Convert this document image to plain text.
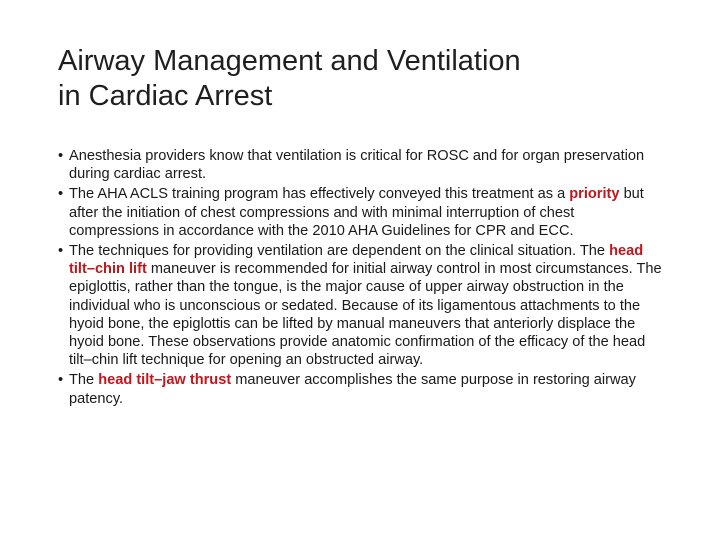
Airway Management and Ventilation
in Cardiac Arrest
• Anesthesia providers know that ventilation is critical for ROSC and for organ preservation during cardiac arrest.
• The AHA ACLS training program has effectively conveyed this treatment as a priority but after the initiation of chest compressions and with minimal interruption of chest compressions in accordance with the 2010 AHA Guidelines for CPR and ECC.
• The techniques for providing ventilation are dependent on the clinical situation. The head tilt–chin lift maneuver is recommended for initial airway control in most circumstances. The epiglottis, rather than the tongue, is the major cause of upper airway obstruction in the individual who is unconscious or sedated. Because of its ligamentous attachments to the hyoid bone, the epiglottis can be lifted by manual maneuvers that anteriorly displace the hyoid bone. These observations provide anatomic confirmation of the efficacy of the head tilt–chin lift technique for opening an obstructed airway.
• The head tilt–jaw thrust maneuver accomplishes the same purpose in restoring airway patency.
